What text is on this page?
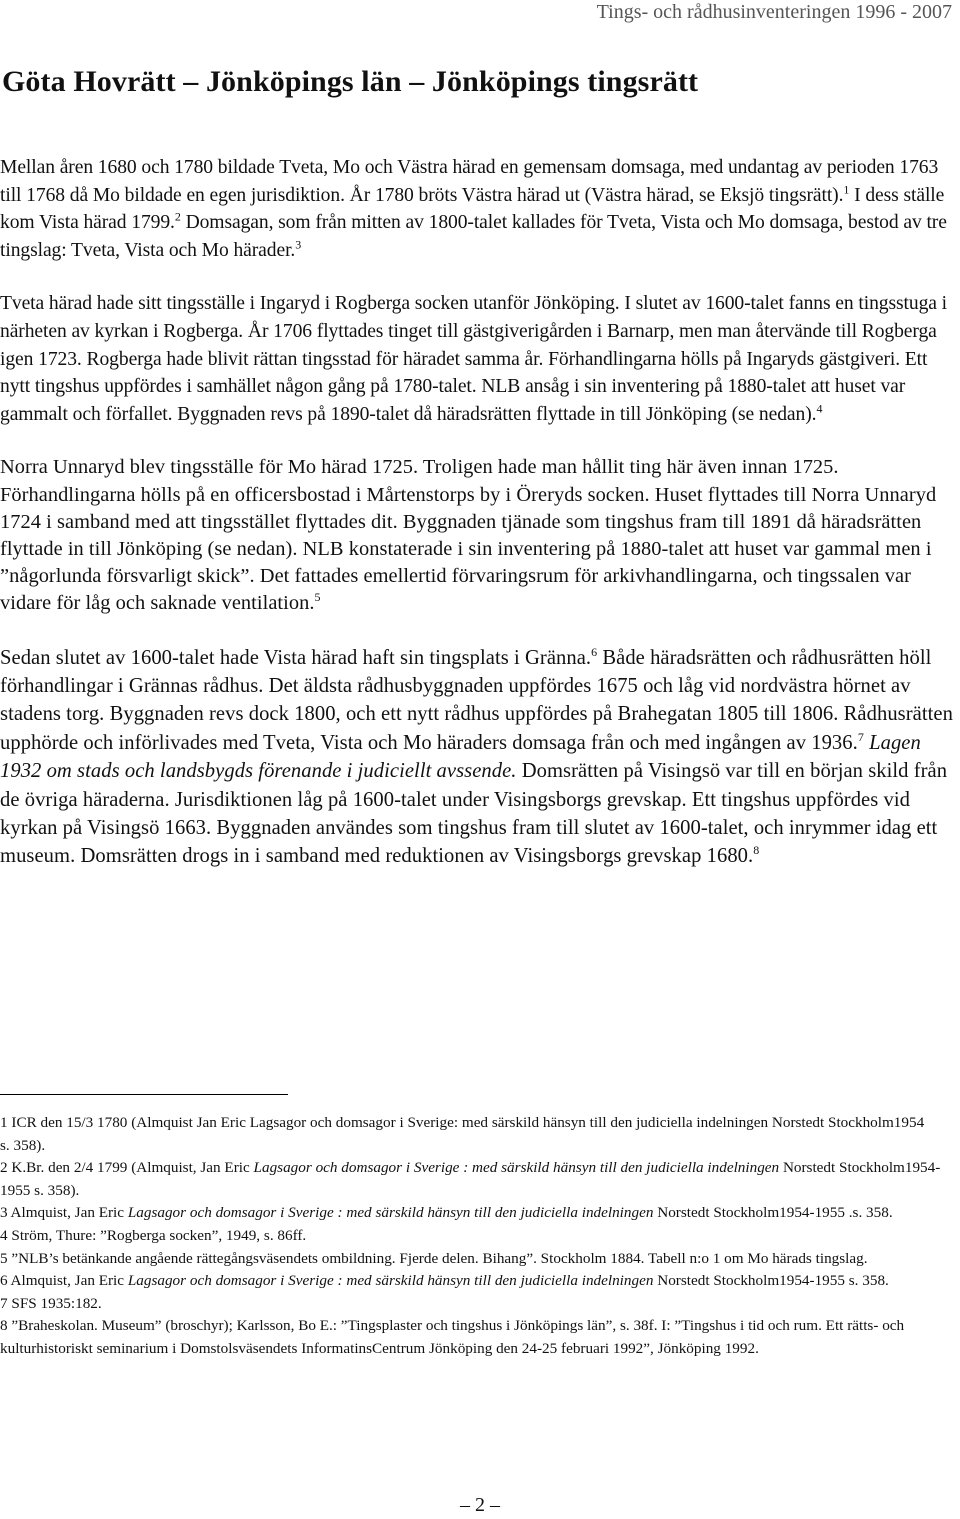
Tings- och rådhusinventeringen 1996 - 2007
Göta Hovrätt – Jönköpings län – Jönköpings tingsrätt

Mellan åren 1680 och 1780 bildade Tveta, Mo och Västra härad en gemensam domsaga, med undantag av perioden 1763 till 1768 då Mo bildade en egen jurisdiktion. År 1780 bröts Västra härad ut (Västra härad, se Eksjö tingsrätt).$^1$ I dess ställe kom Vista härad 1799.$^2$ Domsagan, som från mitten av 1800-talet kallades för Tveta, Vista och Mo domsaga, bestod av tre tingslag: Tveta, Vista och Mo härader.$^3$

Tveta härad hade sitt tingsställe i Ingaryd i Rogberga socken utanför Jönköping. I slutet av 1600-talet fanns en tingsstuga i närheten av kyrkan i Rogberga. År 1706 flyttades tinget till gästgiverigården i Barnarp, men man återvände till Rogberga igen 1723. Rogberga hade blivit rättan tingsstad för häradet samma år. Förhandlingarna hölls på Ingaryds gästgiveri. Ett nytt tingshus uppfördes i samhället någon gång på 1780-talet. NLB ansåg i sin inventering på 1880-talet att huset var gammalt och förfallet. Byggnaden revs på 1890-talet då häradsrätten flyttade in till Jönköping (se nedan).$^4$

Norra Unnaryd blev tingsställe för Mo härad 1725. Troligen hade man hållit ting här även innan 1725. Förhandlingarna hölls på en officersbostad i Mårtenstorps by i Öreryds socken. Huset flyttades till Norra Unnaryd 1724 i samband med att tingsstället flyttades dit. Byggnaden tjänade som tingshus fram till 1891 då häradsrätten flyttade in till Jönköping (se nedan). NLB konstaterade i sin inventering på 1880-talet att huset var gammal men i ”någorlunda försvarligt skick”. Det fattades emellertid förvaringsrum för arkivhandlingarna, och tingssalen var vidare för låg och saknade ventilation.$^5$

Sedan slutet av 1600-talet hade Vista härad haft sin tingsplats i Gränna.$^6$ Både häradsrätten och rådhusrätten höll förhandlingar i Grännas rådhus. Det äldsta rådhusbyggnaden uppfördes 1675 och låg vid nordvästra hörnet av stadens torg. Byggnaden revs dock 1800, och ett nytt rådhus uppfördes på Brahegatan 1805 till 1806. Rådhusrätten upphörde och införlivades med Tveta, Vista och Mo häraders domsaga från och med ingången av 1936.$^7$ Lagen 1932 om stads och landsbygds förenande i judiciellt avssende. Domsrätten på Visingsö var till en början skild från de övriga häraderna. Jurisdiktionen låg på 1600-talet under Visingsborgs grevskap. Ett tingshus uppfördes vid kyrkan på Visingsö 1663. Byggnaden användes som tingshus fram till slutet av 1600-talet, och inrymmer idag ett museum. Domsrätten drogs in i samband med reduktionen av Visingsborgs grevskap 1680.$^8$

1 ICR den 15/3 1780 (Almquist Jan Eric Lagsagor och domsagor i Sverige: med särskild hänsyn till den judiciella indelningen Norstedt Stockholm1954
s. 358).

2 K.Br. den 2/4 1799 (Almquist, Jan Eric Lagsagor och domsagor i Sverige : med särskild hänsyn till den judiciella indelningen Norstedt Stockholm1954-1955 s. 358).

3 Almquist, Jan Eric Lagsagor och domsagor i Sverige : med särskild hänsyn till den judiciella indelningen Norstedt Stockholm1954-1955 .s. 358.

4 Ström, Thure: ”Rogberga socken”, 1949, s. 86ff.

5 ”NLB’s betänkande angående rättegångsväsendets ombildning. Fjerde delen. Bihang”. Stockholm 1884. Tabell n:o 1 om Mo härads tingslag.

6 Almquist, Jan Eric Lagsagor och domsagor i Sverige : med särskild hänsyn till den judiciella indelningen Norstedt Stockholm1954-1955 s. 358.

7 SFS 1935:182.

8 ”Braheskolan. Museum” (broschyr); Karlsson, Bo E.: ”Tingsplaster och tingshus i Jönköpings län”, s. 38f. I: ”Tingshus i tid och rum. Ett rätts- och kulturhistoriskt seminarium i Domstolsväsendets InformatinsCentrum Jönköping den 24-25 februari 1992”, Jönköping 1992.

– 2 –
